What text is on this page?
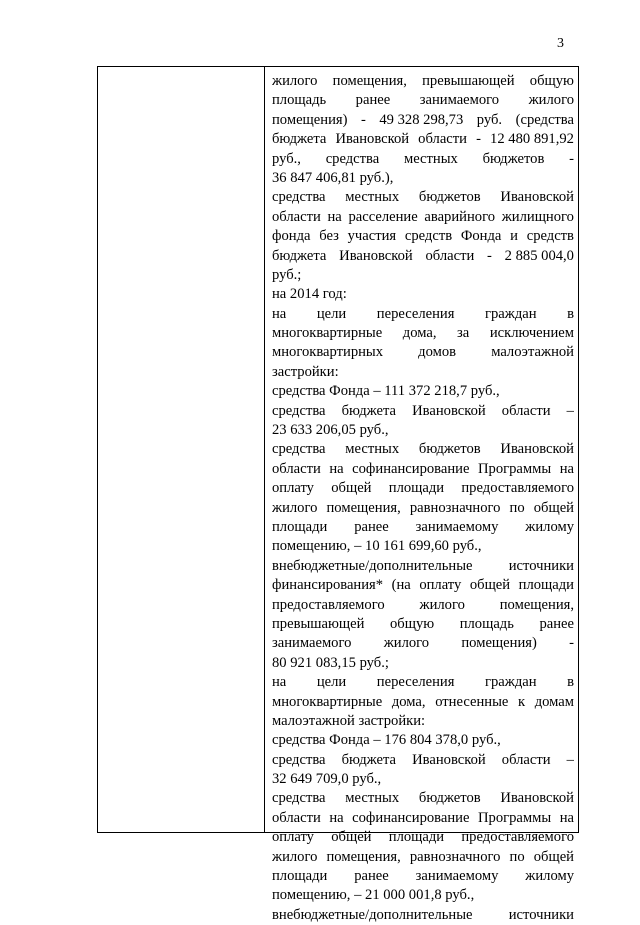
3
жилого помещения, превышающей общую
площадь ранее занимаемого жилого
помещения) - 49 328 298,73 руб. (средства
бюджета Ивановской области - 12 480 891,92
руб., средства местных бюджетов -
36 847 406,81 руб.),
средства местных бюджетов Ивановской
области на расселение аварийного жилищного
фонда без участия средств Фонда и средств
бюджета Ивановской области - 2 885 004,0
руб.;
на 2014 год:
на цели переселения граждан в
многоквартирные дома, за исключением
многоквартирных домов малоэтажной
застройки:
средства Фонда – 111 372 218,7 руб.,
средства бюджета Ивановской области –
23 633 206,05 руб.,
средства местных бюджетов Ивановской
области на софинансирование Программы на
оплату общей площади предоставляемого
жилого помещения, равнозначного по общей
площади ранее занимаемому жилому
помещению, – 10 161 699,60 руб.,
внебюджетные/дополнительные источники
финансирования* (на оплату общей площади
предоставляемого жилого помещения,
превышающей общую площадь ранее
занимаемого жилого помещения) -
80 921 083,15 руб.;
на цели переселения граждан в
многоквартирные дома, отнесенные к домам
малоэтажной застройки:
средства Фонда – 176 804 378,0 руб.,
средства бюджета Ивановской области –
32 649 709,0 руб.,
средства местных бюджетов Ивановской
области на софинансирование Программы на
оплату общей площади предоставляемого
жилого помещения, равнозначного по общей
площади ранее занимаемому жилому
помещению, – 21 000 001,8 руб.,
внебюджетные/дополнительные источники
